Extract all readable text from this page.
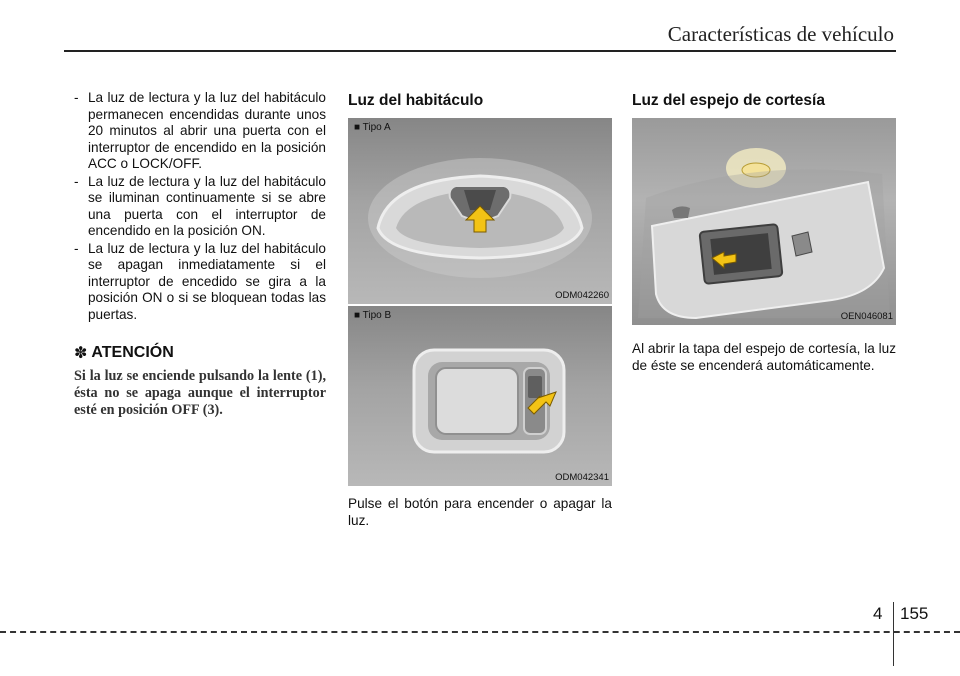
Características de vehículo
- La luz de lectura y la luz del habitáculo permanecen encendidas durante unos 20 minutos al abrir una puerta con el interruptor de encendido en la posición ACC o LOCK/OFF.
- La luz de lectura y la luz del habitáculo se iluminan continuamente si se abre una puerta con el interruptor de encendido en la posición ON.
- La luz de lectura y la luz del habitáculo se apagan inmediatamente si el interruptor de encedido se gira a la posición ON o si se bloquean todas las puertas.
✽ ATENCIÓN
Si la luz se enciende pulsando la lente (1), ésta no se apaga aunque el interruptor esté en posición OFF (3).
Luz del habitáculo
■ Tipo A
ODM042260
■ Tipo B
ODM042341
Pulse el botón para encender o apagar la luz.
Luz del espejo de cortesía
OEN046081
Al abrir la tapa del espejo de cortesía, la luz de éste se encenderá automáticamente.
4 155
